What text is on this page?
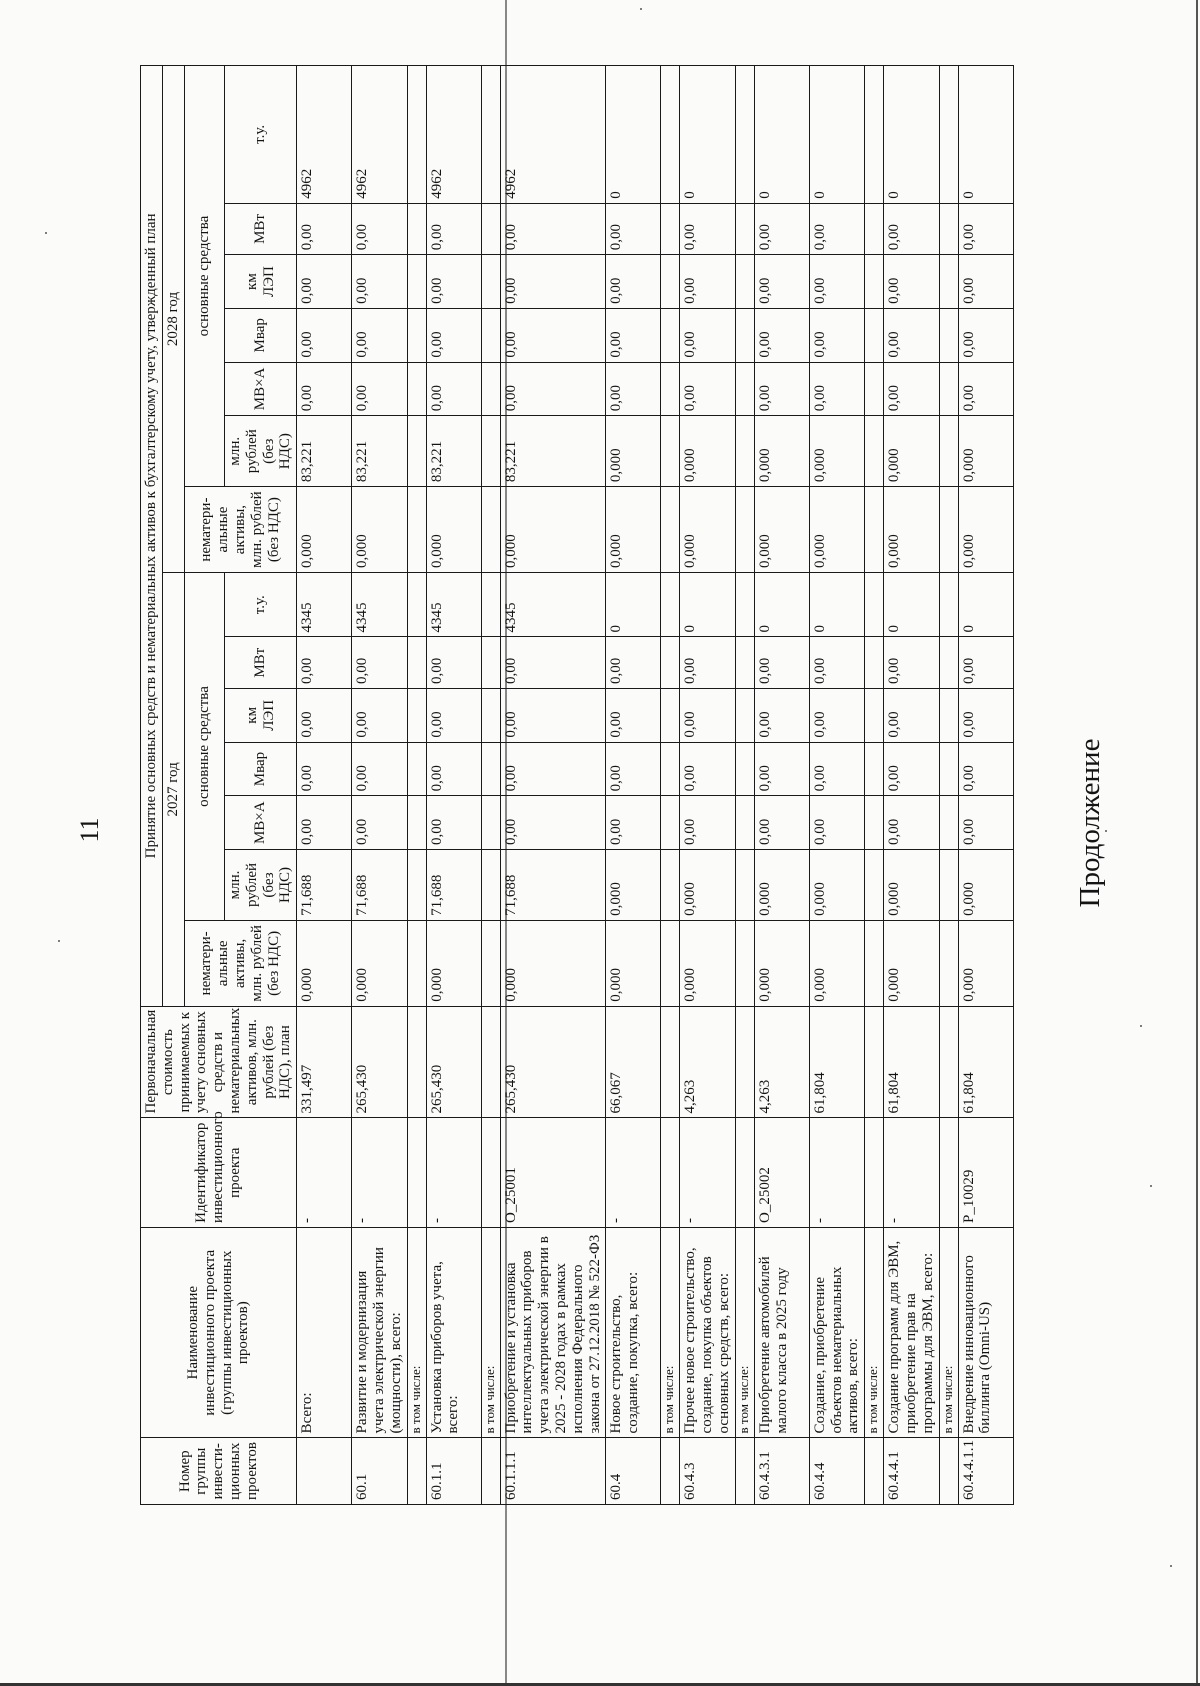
11	Продолжение
Номер группы инвести-ционных проектов	Наименование инвестиционного проекта (группы инвестиционных проектов)	Идентификатор инвестиционного проекта	Первоначальная стоимость принимаемых к учету основных средств и нематериальных активов, млн. рублей (без НДС), план	Принятие основных средств и нематериальных активов к бухгалтерскому учету, утвержденный план													
				2027 год							2028 год						
				нематери-альные активы, млн. рублей (без НДС)	основные средства						нематери-альные активы, млн. рублей (без НДС)	основные средства					
					млн. рублей (без НДС)	МВ×А	Мвар	км ЛЭП	МВт	т.у.		млн. рублей (без НДС)	МВ×А	Мвар	км ЛЭП	МВт	т.у.
	Всего:	-	331,497	0,000	71,688	0,00	0,00	0,00	0,00	4345	0,000	83,221	0,00	0,00	0,00	0,00	4962
60.1	Развитие и модернизация учета электрической энергии (мощности), всего:	-	265,430	0,000	71,688	0,00	0,00	0,00	0,00	4345	0,000	83,221	0,00	0,00	0,00	0,00	4962
	в том числе:																
60.1.1	Установка приборов учета, всего:	-	265,430	0,000	71,688	0,00	0,00	0,00	0,00	4345	0,000	83,221	0,00	0,00	0,00	0,00	4962
	в том числе:																
60.1.1.1	Приобретение и установка интеллектуальных приборов учета электрической энергии в 2025 - 2028 годах в рамках исполнения Федерального закона от 27.12.2018 № 522-ФЗ	O_25001	265,430	0,000	71,688	0,00	0,00	0,00	0,00	4345	0,000	83,221	0,00	0,00	0,00	0,00	4962
60.4	Новое строительство, создание, покупка, всего:	-	66,067	0,000	0,000	0,00	0,00	0,00	0,00	0	0,000	0,000	0,00	0,00	0,00	0,00	0
	в том числе:																
60.4.3	Прочее новое строительство, создание, покупка объектов основных средств, всего:	-	4,263	0,000	0,000	0,00	0,00	0,00	0,00	0	0,000	0,000	0,00	0,00	0,00	0,00	0
	в том числе:																
60.4.3.1	Приобретение автомобилей малого класса в 2025 году	O_25002	4,263	0,000	0,000	0,00	0,00	0,00	0,00	0	0,000	0,000	0,00	0,00	0,00	0,00	0
60.4.4	Создание, приобретение объектов нематериальных активов, всего:	-	61,804	0,000	0,000	0,00	0,00	0,00	0,00	0	0,000	0,000	0,00	0,00	0,00	0,00	0
	в том числе:																
60.4.4.1	Создание программ для ЭВМ, приобретение прав на программы для ЭВМ, всего:	-	61,804	0,000	0,000	0,00	0,00	0,00	0,00	0	0,000	0,000	0,00	0,00	0,00	0,00	0
	в том числе:																
60.4.4.1.1	Внедрение инновационного биллинга (Omni-US)	P_10029	61,804	0,000	0,000	0,00	0,00	0,00	0,00	0	0,000	0,000	0,00	0,00	0,00	0,00	0
